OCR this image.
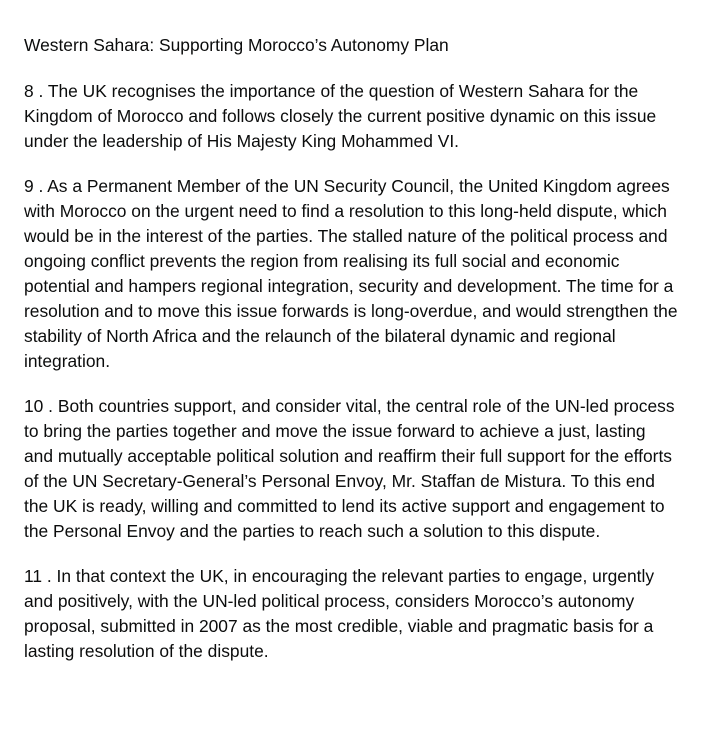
Western Sahara: Supporting Morocco’s Autonomy Plan

8 . The UK recognises the importance of the question of Western Sahara for the Kingdom of Morocco and follows closely the current positive dynamic on this issue under the leadership of His Majesty King Mohammed VI.

9 . As a Permanent Member of the UN Security Council, the United Kingdom agrees with Morocco on the urgent need to find a resolution to this long-held dispute, which would be in the interest of the parties. The stalled nature of the political process and ongoing conflict prevents the region from realising its full social and economic potential and hampers regional integration, security and development. The time for a resolution and to move this issue forwards is long-overdue, and would strengthen the stability of North Africa and the relaunch of the bilateral dynamic and regional integration.

10 . Both countries support, and consider vital, the central role of the UN-led process to bring the parties together and move the issue forward to achieve a just, lasting and mutually acceptable political solution and reaffirm their full support for the efforts of the UN Secretary-General’s Personal Envoy, Mr. Staffan de Mistura. To this end the UK is ready, willing and committed to lend its active support and engagement to the Personal Envoy and the parties to reach such a solution to this dispute.

11 . In that context the UK, in encouraging the relevant parties to engage, urgently and positively, with the UN-led political process, considers Morocco’s autonomy proposal, submitted in 2007 as the most credible, viable and pragmatic basis for a lasting resolution of the dispute.
